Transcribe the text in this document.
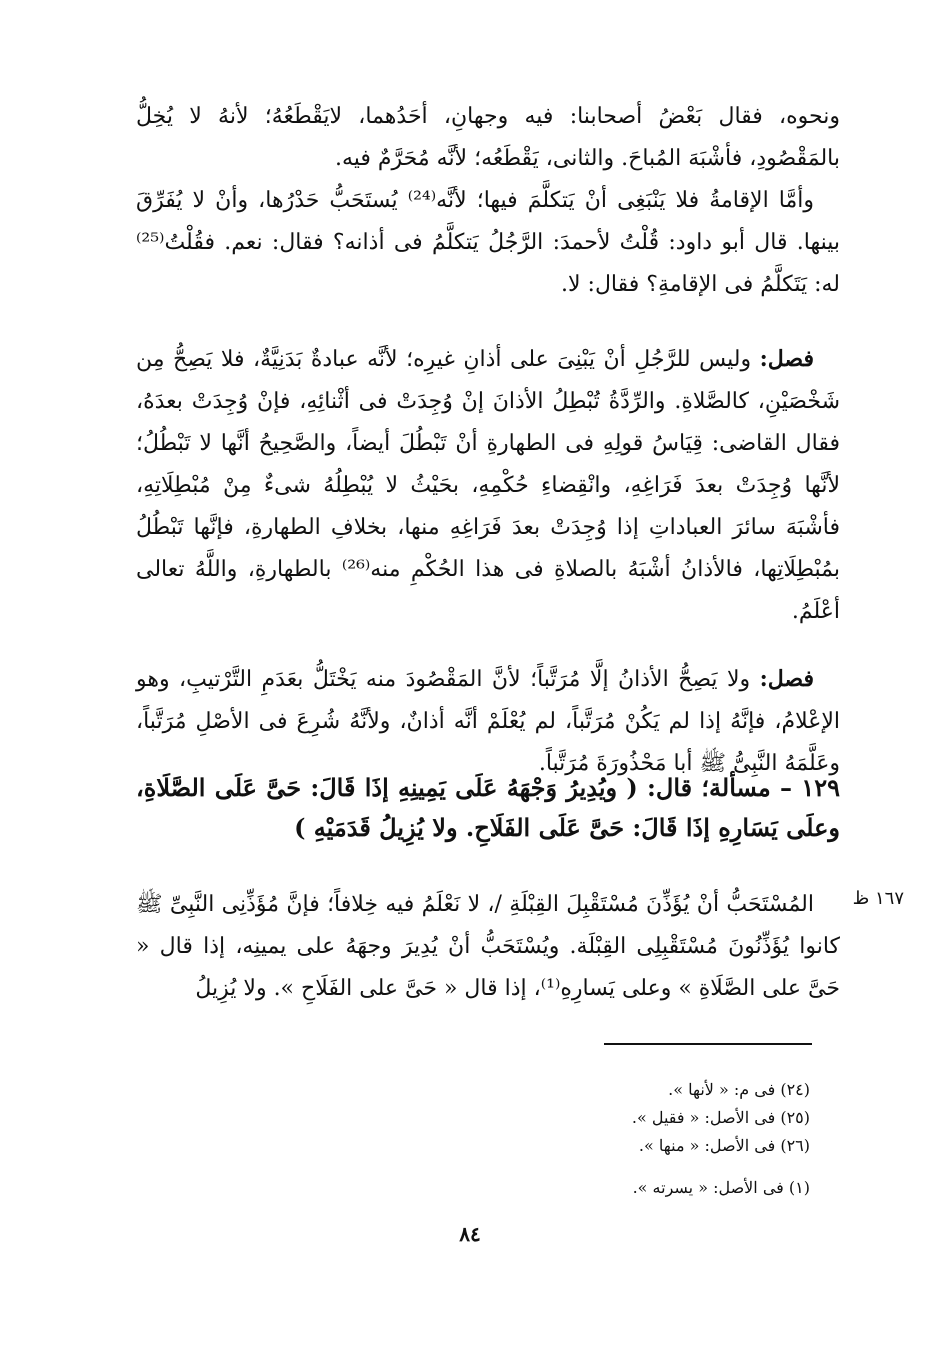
ونحوه، فقال بَعْضُ أصحابنا: فيه وجهانِ، أحَدُهما، لايَقْطَعُهُ؛ لأنهُ لا يُخِلُّ بالمَقْصُودِ، فأشْبَهَ المُباحَ. والثانى، يَقْطَعُه؛ لأنَّه مُحَرَّمٌ فيه.

وأمَّا الإقامةُ فلا يَنْبَغِى أنْ يَتكلَّمَ فيها؛ لأنَّه⁽²⁴⁾ يُستَحَبُّ حَدْرُها، وأنْ لا يُفَرِّقَ بينها. قال أبو داود: قُلْتُ لأحمدَ: الرَّجُلُ يَتكلَّمُ فى أذانه؟ فقال: نعم. فقُلْتُ⁽²⁵⁾ له: يَتَكلَّمُ فى الإقامةِ؟ فقال: لا.

فصل: وليس للرَّجُلِ أنْ يَبْنِىَ على أذانِ غيرِه؛ لأنَّه عبادةٌ بَدَنِيَّةٌ، فلا يَصِحُّ مِن شَخْصَيْنِ، كالصَّلاةِ. والرِّدَّةُ تُبْطِلُ الأذانَ إنْ وُجِدَتْ فى أثْنائِهِ، فإنْ وُجِدَتْ بعدَهُ، فقال القاضى: قِيَاسُ قولِهِ فى الطهارةِ أنْ تَبْطُلَ أيضاً، والصَّحِيحُ أنَّها لا تَبْطُلُ؛ لأنَّها وُجِدَتْ بعدَ فَرَاغِهِ، وانْقِضاءِ حُكْمِهِ، بحَيْثُ لا يُبْطِلُهُ شىءٌ مِنْ مُبْطِلَاتِهِ، فأشْبَهَ سائرَ العباداتِ إذا وُجِدَتْ بعدَ فَرَاغِهِ منها، بخلافِ الطهارةِ، فإنَّها تَبْطُلُ بمُبْطِلَاتِها، فالأذانُ أشْبَهُ بالصلاةِ فى هذا الحُكْمِ منه⁽²⁶⁾ بالطهارةِ، واللَّهُ تعالى أعْلَمُ.

فصل: ولا يَصِحُّ الأذانُ إلَّا مُرَتَّباً؛ لأنَّ المَقْصُودَ منه يَخْتَلُّ بعَدَمِ التَّرْتيبِ، وهو الإعْلامُ، فإنَّهُ إذا لم يَكُنْ مُرَتَّباً، لم يُعْلَمْ أنَّه أذانٌ، ولأنَّهُ شُرِعَ فى الأصْلِ مُرَتَّباً، وعَلَّمَهُ النَّبِىُّ ﷺ أبا مَحْذُورَةَ مُرَتَّباً.

١٢٩ – مسألة؛ قال: ( ويُدِيرُ وَجْهَهُ عَلَى يَمِينِهِ إذَا قَالَ: حَىَّ عَلَى الصَّلَاةِ، وعلَى يَسَارِهِ إذَا قَالَ: حَىَّ عَلَى الفَلَاحِ. ولا يُزِيلُ قَدَمَيْهِ )

المُسْتَحَبُّ أنْ يُؤَذِّنَ مُسْتَقْبِلَ القِبْلَةِ /، لا نَعْلَمُ فيه خِلافاً؛ فإنَّ مُؤَذِّنِى النَّبِىِّ ﷺ كانوا يُؤَذِّنُونَ مُسْتَقْبِلِى القِبْلَة. ويُسْتَحَبُّ أنْ يُدِيرَ وجهَهُ على يمينِه، إذا قال « حَىَّ على الصَّلَاةِ » وعلى يَسارِهِ⁽¹⁾، إذا قال « حَىَّ على الفَلَاحِ ». ولا يُزِيلُ

١٦٧ ظ

(٢٤) فى م: « لأنها ».

(٢٥) فى الأصل: « فقيل ».

(٢٦) فى الأصل: « منها ».

(١) فى الأصل: « يسرته ».

٨٤
